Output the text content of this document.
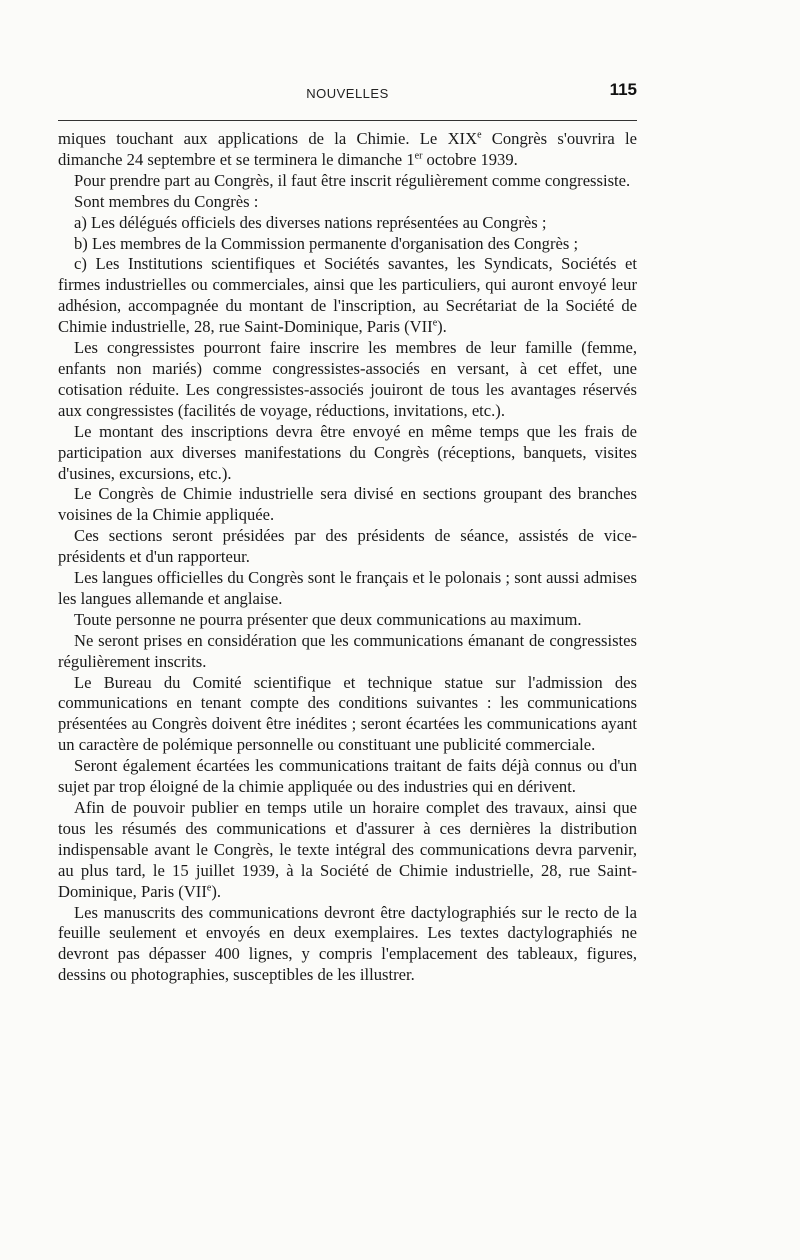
NOUVELLES	115

miques touchant aux applications de la Chimie. Le XIXe Congrès s'ouvrira le dimanche 24 septembre et se terminera le dimanche 1er octobre 1939.

Pour prendre part au Congrès, il faut être inscrit régulièrement comme congressiste.

Sont membres du Congrès :

a) Les délégués officiels des diverses nations représentées au Congrès ;

b) Les membres de la Commission permanente d'organisation des Congrès ;

c) Les Institutions scientifiques et Sociétés savantes, les Syndicats, Sociétés et firmes industrielles ou commerciales, ainsi que les particuliers, qui auront envoyé leur adhésion, accompagnée du montant de l'inscription, au Secrétariat de la Société de Chimie industrielle, 28, rue Saint-Dominique, Paris (VIIe).

Les congressistes pourront faire inscrire les membres de leur famille (femme, enfants non mariés) comme congressistes-associés en versant, à cet effet, une cotisation réduite. Les congressistes-associés jouiront de tous les avantages réservés aux congressistes (facilités de voyage, réductions, invitations, etc.).

Le montant des inscriptions devra être envoyé en même temps que les frais de participation aux diverses manifestations du Congrès (réceptions, banquets, visites d'usines, excursions, etc.).

Le Congrès de Chimie industrielle sera divisé en sections groupant des branches voisines de la Chimie appliquée.

Ces sections seront présidées par des présidents de séance, assistés de vice-présidents et d'un rapporteur.

Les langues officielles du Congrès sont le français et le polonais ; sont aussi admises les langues allemande et anglaise.

Toute personne ne pourra présenter que deux communications au maximum.

Ne seront prises en considération que les communications émanant de congressistes régulièrement inscrits.

Le Bureau du Comité scientifique et technique statue sur l'admission des communications en tenant compte des conditions suivantes : les communications présentées au Congrès doivent être inédites ; seront écartées les communications ayant un caractère de polémique personnelle ou constituant une publicité commerciale.

Seront également écartées les communications traitant de faits déjà connus ou d'un sujet par trop éloigné de la chimie appliquée ou des industries qui en dérivent.

Afin de pouvoir publier en temps utile un horaire complet des travaux, ainsi que tous les résumés des communications et d'assurer à ces dernières la distribution indispensable avant le Congrès, le texte intégral des communications devra parvenir, au plus tard, le 15 juillet 1939, à la Société de Chimie industrielle, 28, rue Saint-Dominique, Paris (VIIe).

Les manuscrits des communications devront être dactylographiés sur le recto de la feuille seulement et envoyés en deux exemplaires. Les textes dactylographiés ne devront pas dépasser 400 lignes, y compris l'emplacement des tableaux, figures, dessins ou photographies, susceptibles de les illustrer.
